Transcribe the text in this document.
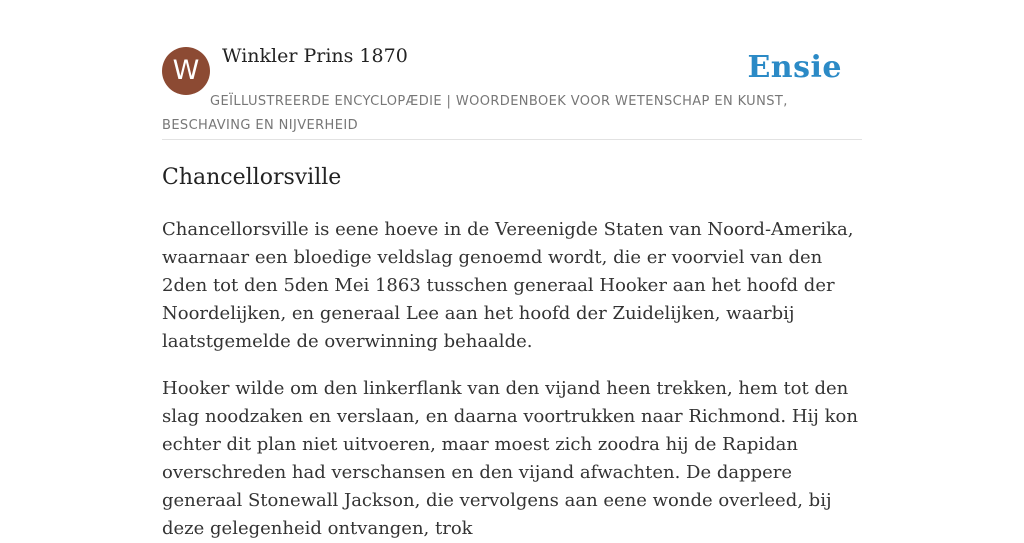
W	Winkler Prins 1870	Ensie
GEÏLLUSTREERDE ENCYCLOPÆDIE | WOORDENBOEK VOOR WETENSCHAP EN KUNST, BESCHAVING EN NIJVERHEID
Chancellorsville

Chancellorsville is eene hoeve in de Vereenigde Staten van Noord-Amerika, waarnaar een bloedige veldslag genoemd wordt, die er voorviel van den 2den tot den 5den Mei 1863 tusschen generaal Hooker aan het hoofd der Noordelijken, en generaal Lee aan het hoofd der Zuidelijken, waarbij laatstgemelde de overwinning behaalde.

Hooker wilde om den linkerflank van den vijand heen trekken, hem tot den slag noodzaken en verslaan, en daarna voortrukken naar Richmond. Hij kon echter dit plan niet uitvoeren, maar moest zich zoodra hij de Rapidan overschreden had verschansen en den vijand afwachten. De dappere generaal Stonewall Jackson, die vervolgens aan eene wonde overleed, bij deze gelegenheid ontvangen, trok
